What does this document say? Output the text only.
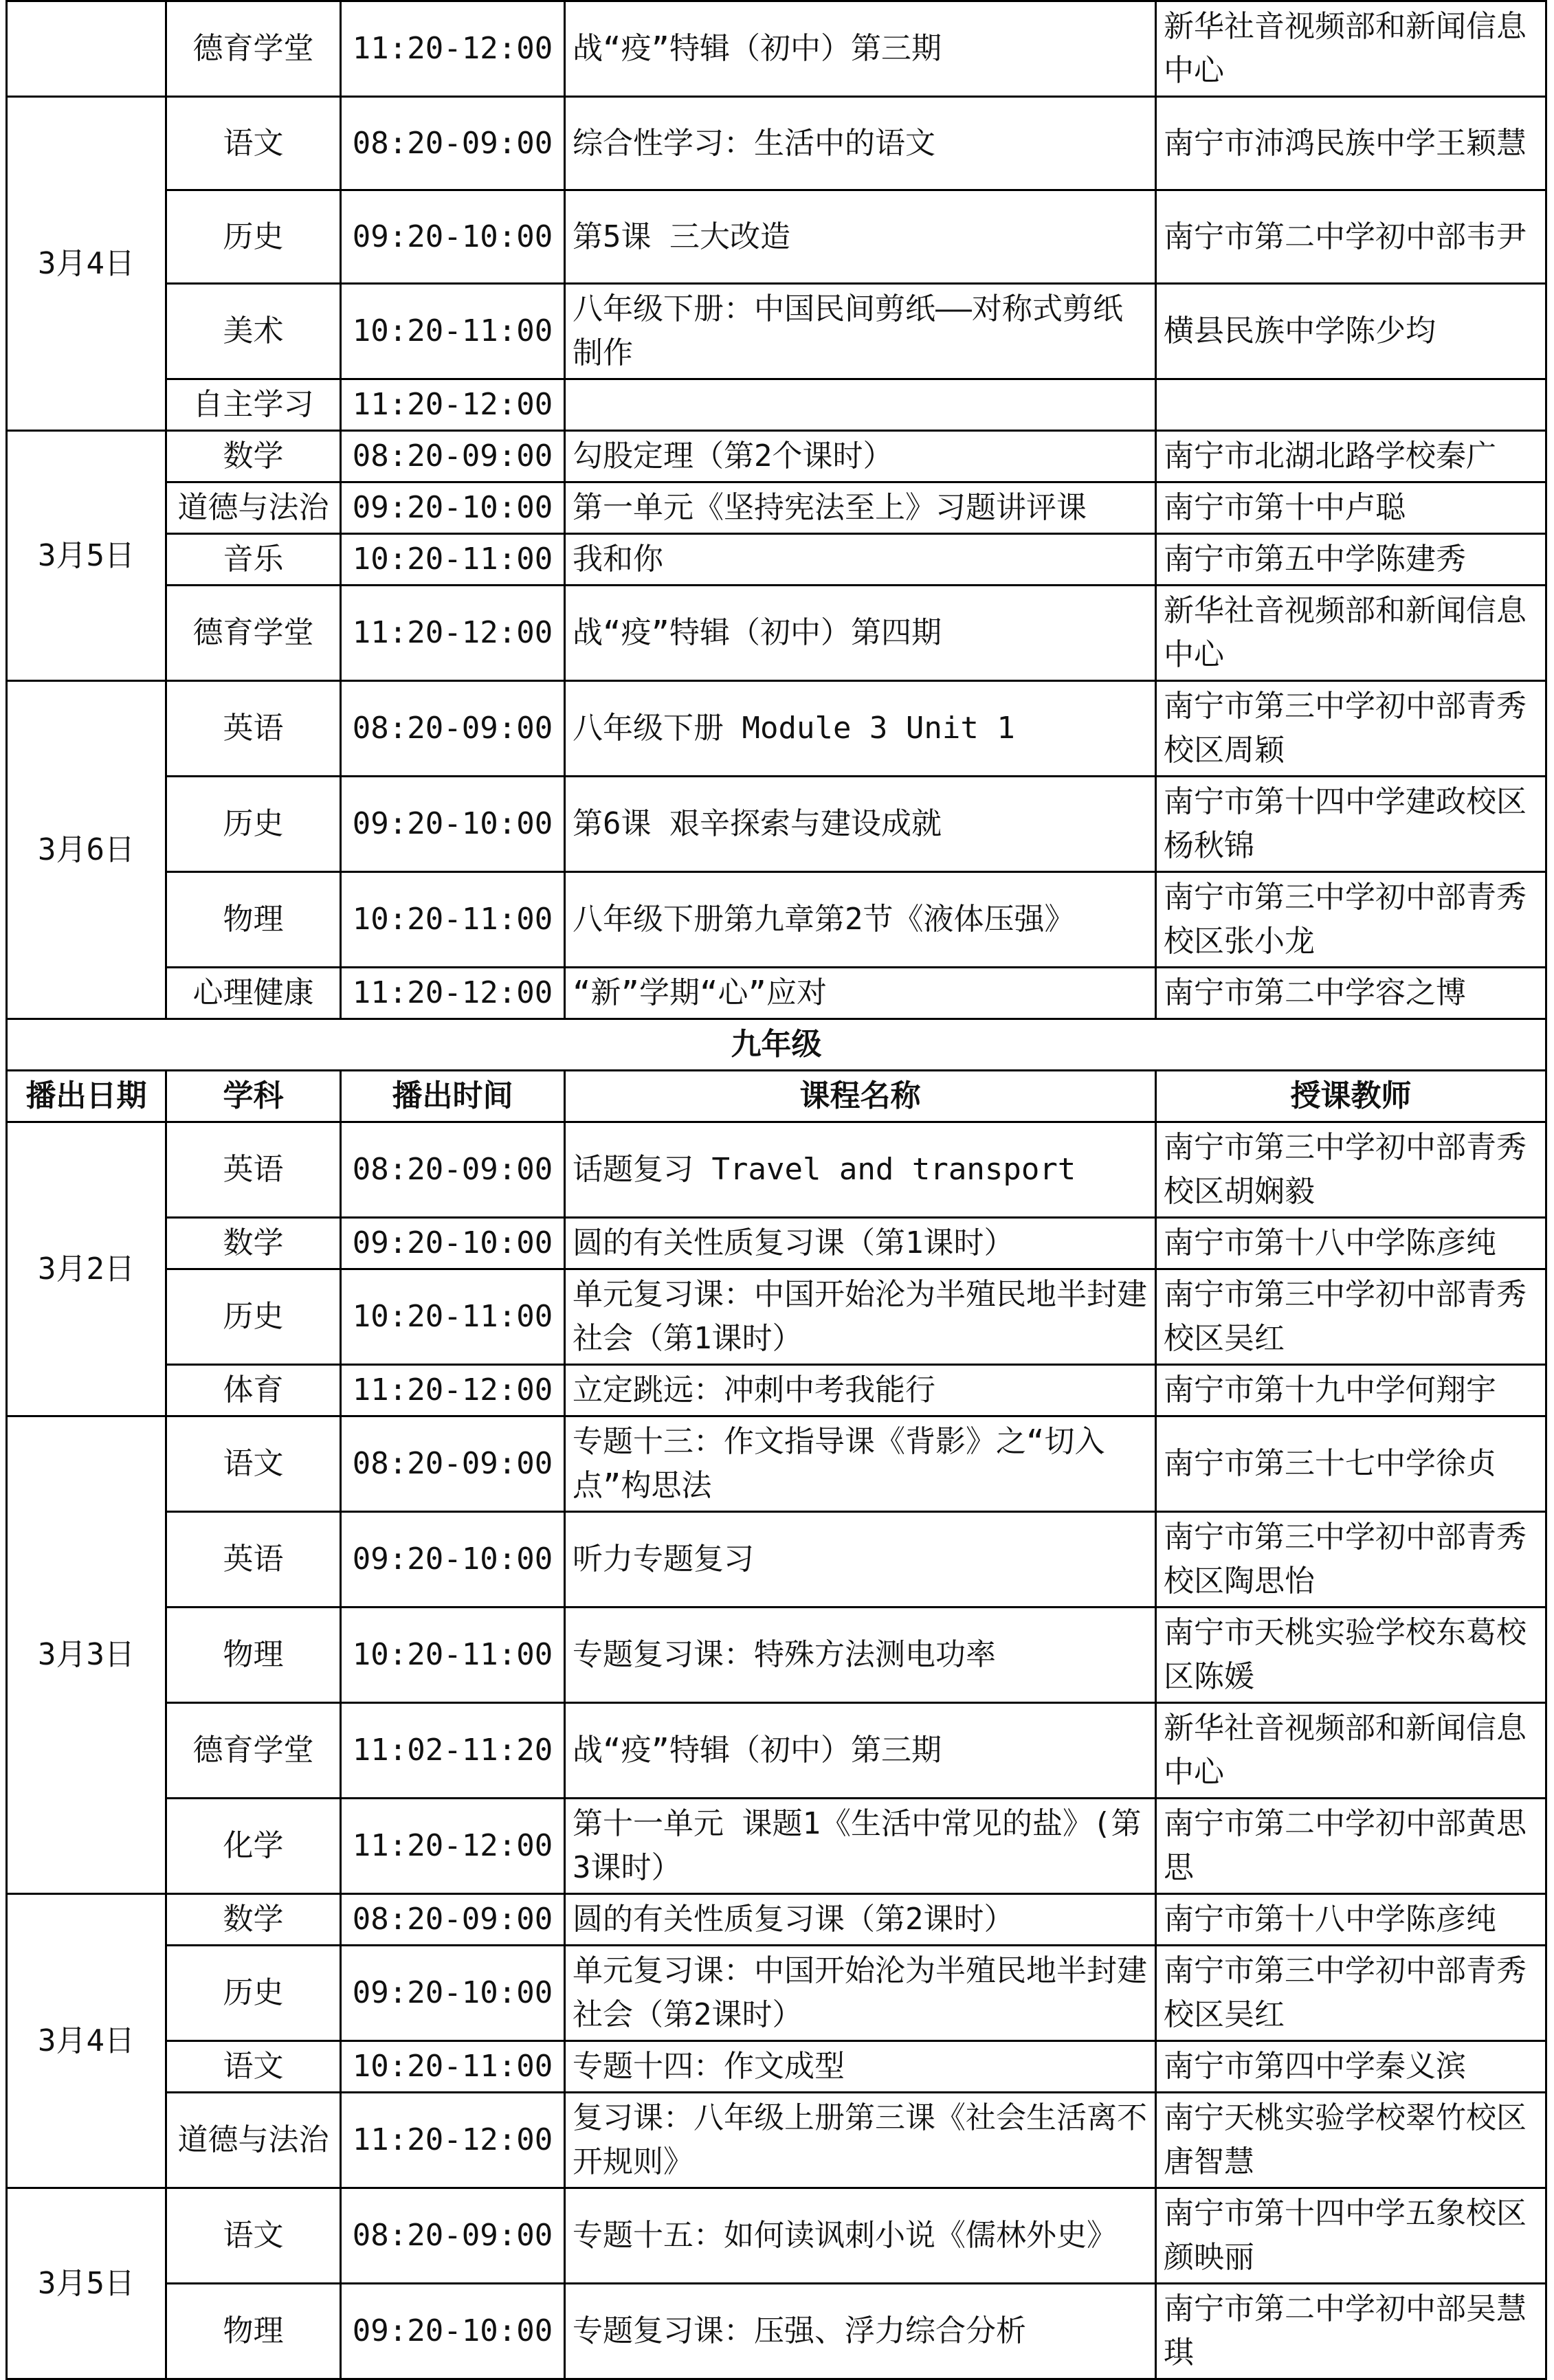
	德育学堂	11:20-12:00	战“疫”特辑（初中）第三期	新华社音视频部和新闻信息中心
3月4日	语文	08:20-09:00	综合性学习：生活中的语文	南宁市沛鸿民族中学王颖慧
	历史	09:20-10:00	第5课 三大改造	南宁市第二中学初中部韦尹
	美术	10:20-11:00	八年级下册：中国民间剪纸——对称式剪纸制作	横县民族中学陈少均
	自主学习	11:20-12:00		
3月5日	数学	08:20-09:00	勾股定理（第2个课时）	南宁市北湖北路学校秦广
	道德与法治	09:20-10:00	第一单元《坚持宪法至上》习题讲评课	南宁市第十中卢聪
	音乐	10:20-11:00	我和你	南宁市第五中学陈建秀
	德育学堂	11:20-12:00	战“疫”特辑（初中）第四期	新华社音视频部和新闻信息中心
3月6日	英语	08:20-09:00	八年级下册 Module 3 Unit 1	南宁市第三中学初中部青秀校区周颖
	历史	09:20-10:00	第6课 艰辛探索与建设成就	南宁市第十四中学建政校区杨秋锦
	物理	10:20-11:00	八年级下册第九章第2节《液体压强》	南宁市第三中学初中部青秀校区张小龙
	心理健康	11:20-12:00	“新”学期“心”应对	南宁市第二中学容之博
九年级				
播出日期	学科	播出时间	课程名称	授课教师
3月2日	英语	08:20-09:00	话题复习 Travel and transport	南宁市第三中学初中部青秀校区胡娴毅
	数学	09:20-10:00	圆的有关性质复习课（第1课时）	南宁市第十八中学陈彦纯
	历史	10:20-11:00	单元复习课：中国开始沦为半殖民地半封建社会（第1课时）	南宁市第三中学初中部青秀校区吴红
	体育	11:20-12:00	立定跳远：冲刺中考我能行	南宁市第十九中学何翔宇
3月3日	语文	08:20-09:00	专题十三：作文指导课《背影》之“切入点”构思法	南宁市第三十七中学徐贞
	英语	09:20-10:00	听力专题复习	南宁市第三中学初中部青秀校区陶思怡
	物理	10:20-11:00	专题复习课：特殊方法测电功率	南宁市天桃实验学校东葛校区陈媛
	德育学堂	11:02-11:20	战“疫”特辑（初中）第三期	新华社音视频部和新闻信息中心
	化学	11:20-12:00	第十一单元 课题1《生活中常见的盐》(第3课时）	南宁市第二中学初中部黄思思
3月4日	数学	08:20-09:00	圆的有关性质复习课（第2课时）	南宁市第十八中学陈彦纯
	历史	09:20-10:00	单元复习课：中国开始沦为半殖民地半封建社会（第2课时）	南宁市第三中学初中部青秀校区吴红
	语文	10:20-11:00	专题十四：作文成型	南宁市第四中学秦义滨
	道德与法治	11:20-12:00	复习课：八年级上册第三课《社会生活离不开规则》	南宁天桃实验学校翠竹校区唐智慧
3月5日	语文	08:20-09:00	专题十五：如何读讽刺小说《儒林外史》	南宁市第十四中学五象校区颜映丽
	物理	09:20-10:00	专题复习课：压强、浮力综合分析	南宁市第二中学初中部吴慧琪
